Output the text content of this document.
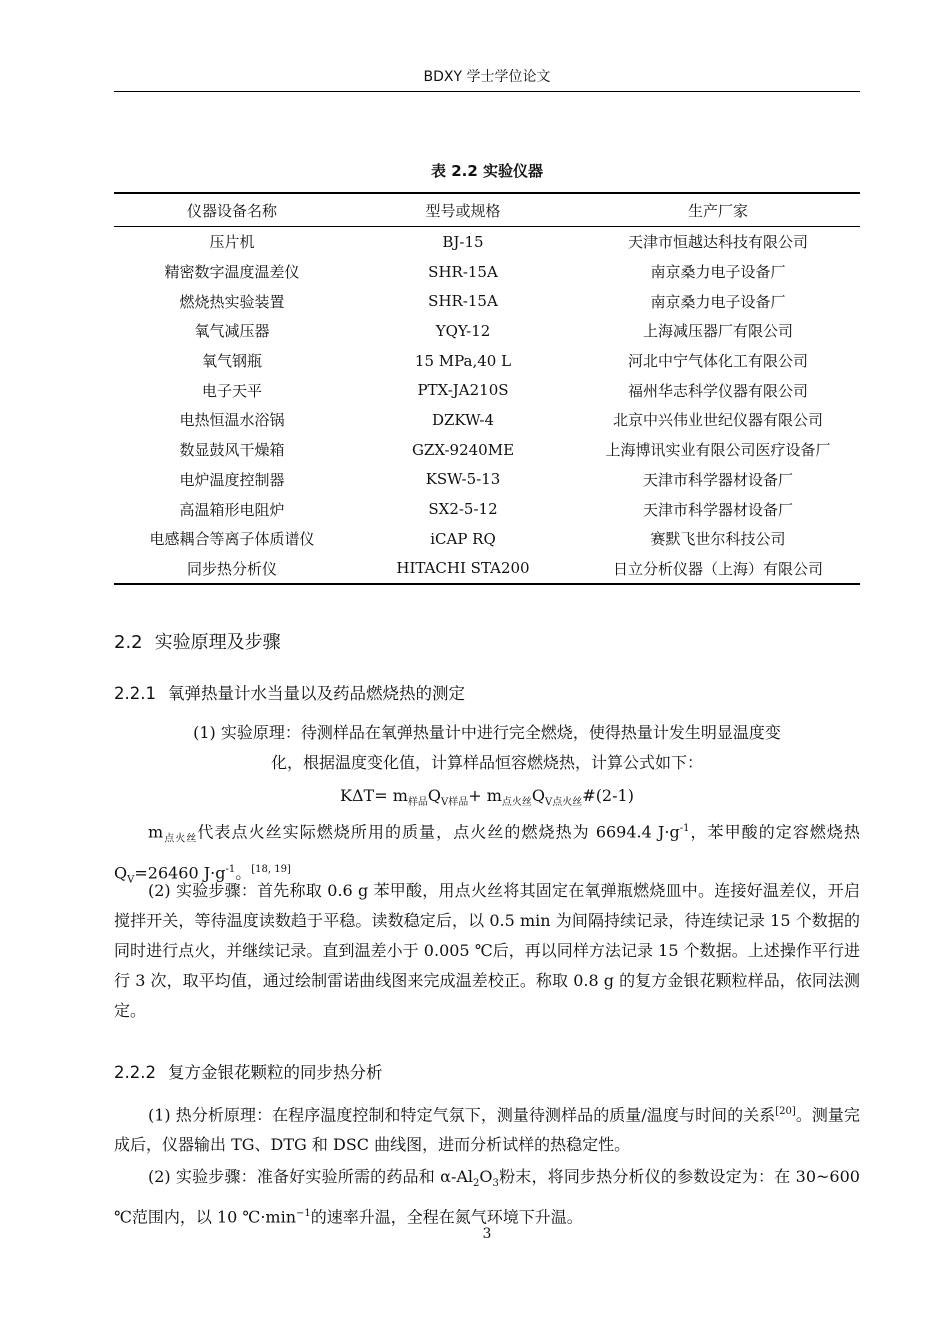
BDXY 学士学位论文
表 2.2 实验仪器
仪器设备名称	型号或规格	生产厂家
压片机	BJ-15	天津市恒越达科技有限公司
精密数字温度温差仪	SHR-15A	南京桑力电子设备厂
燃烧热实验装置	SHR-15A	南京桑力电子设备厂
氧气减压器	YQY-12	上海减压器厂有限公司
氧气钢瓶	15 MPa,40 L	河北中宁气体化工有限公司
电子天平	PTX-JA210S	福州华志科学仪器有限公司
电热恒温水浴锅	DZKW-4	北京中兴伟业世纪仪器有限公司
数显鼓风干燥箱	GZX-9240ME	上海博讯实业有限公司医疗设备厂
电炉温度控制器	KSW-5-13	天津市科学器材设备厂
高温箱形电阻炉	SX2-5-12	天津市科学器材设备厂
电感耦合等离子体质谱仪	iCAP RQ	赛默飞世尔科技公司
同步热分析仪	HITACHI STA200	日立分析仪器（上海）有限公司
2.2 实验原理及步骤
2.2.1 氧弹热量计水当量以及药品燃烧热的测定
(1) 实验原理：待测样品在氧弹热量计中进行完全燃烧，使得热量计发生明显温度变
化，根据温度变化值，计算样品恒容燃烧热，计算公式如下：
$K\Delta T= m_{样品}Q_{V样品}+$ $m_{点火丝}Q_{V点火丝}\#(2-1)$
$m_{点火丝}$代表点火丝实际燃烧所用的质量，点火丝的燃烧热为 6694.4 $J\cdot g^{-1}$，苯甲酸的定容燃烧热$Q_V=26460$ $J\cdot g^{-1}$。[18, 19]
(2) 实验步骤：首先称取 0.6 g 苯甲酸，用点火丝将其固定在氧弹瓶燃烧皿中。连接好温差仪，开启搅拌开关，等待温度读数趋于平稳。读数稳定后，以 0.5 min 为间隔持续记录，待连续记录 15 个数据的同时进行点火，并继续记录。直到温差小于 0.005 ℃后，再以同样方法记录 15 个数据。上述操作平行进行 3 次，取平均值，通过绘制雷诺曲线图来完成温差校正。称取 0.8 g 的复方金银花颗粒样品，依同法测定。
2.2.2 复方金银花颗粒的同步热分析
(1) 热分析原理：在程序温度控制和特定气氛下，测量待测样品的质量/温度与时间的关系[20]。测量完成后，仪器输出 TG、DTG 和 DSC 曲线图，进而分析试样的热稳定性。
(2) 实验步骤：准备好实验所需的药品和 $\alpha-Al_2O_3$粉末，将同步热分析仪的参数设定为：在 30~600 ℃范围内，以 10 $℃\cdot\min^{-1}$的速率升温，全程在氮气环境下升温。
3
